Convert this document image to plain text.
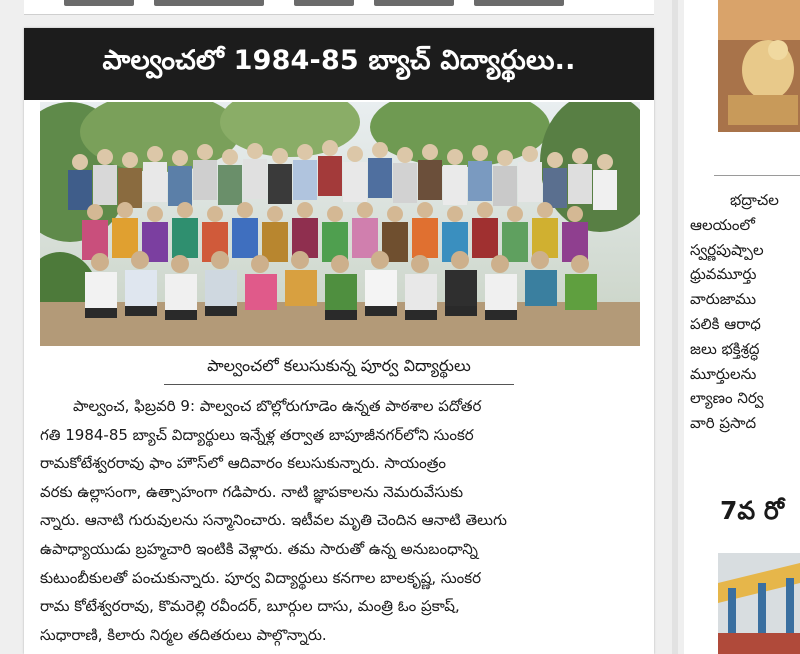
పాల్వంచలో 1984-85 బ్యాచ్ విద్యార్థులు..
పాల్వంచలో కలుసుకున్న పూర్వ విద్యార్థులు

పాల్వంచ, ఫిబ్రవరి 9: పాల్వంచ బొల్లోరుగూడెం ఉన్నత పాఠశాల పదోతర

గతి 1984-85 బ్యాచ్ విద్యార్థులు ఇన్నేళ్ల తర్వాత బాపూజీనగర్‌లోని సుంకర
రామకోటేశ్వరరావు ఫాం హౌస్‌లో ఆదివారం కలుసుకున్నారు. సాయంత్రం
వరకు ఉల్లాసంగా, ఉత్సాహంగా గడిపారు. నాటి జ్ఞాపకాలను నెమరువేసుకు
న్నారు. ఆనాటి గురువులను సన్మానించారు. ఇటీవల మృతి చెందిన ఆనాటి తెలుగు
ఉపాధ్యాయుడు బ్రహ్మచారి ఇంటికి వెళ్లారు. తమ సారుతో ఉన్న అనుబంధాన్ని
కుటుంబీకులతో పంచుకున్నారు. పూర్వ విద్యార్థులు కనగాల బాలకృష్ణ, సుంకర
రామ కోటేశ్వరరావు, కొమరెల్లి రవీందర్, బూర్గుల దాసు, మంత్రి ఓం ప్రకాష్,
సుధారాణి, కిలారు నిర్మల తదితరులు పాల్గొన్నారు.
భద్రాచల
ఆలయంలో
స్వర్ణపుష్పాల
ధ్రువమూర్తు
వారుజాము
పలికి ఆరాధ
జలు భక్తిశ్రద్ధ
మూర్తులను
ల్యాణం నిర్వ
వారి ప్రసాద
7వ రో
